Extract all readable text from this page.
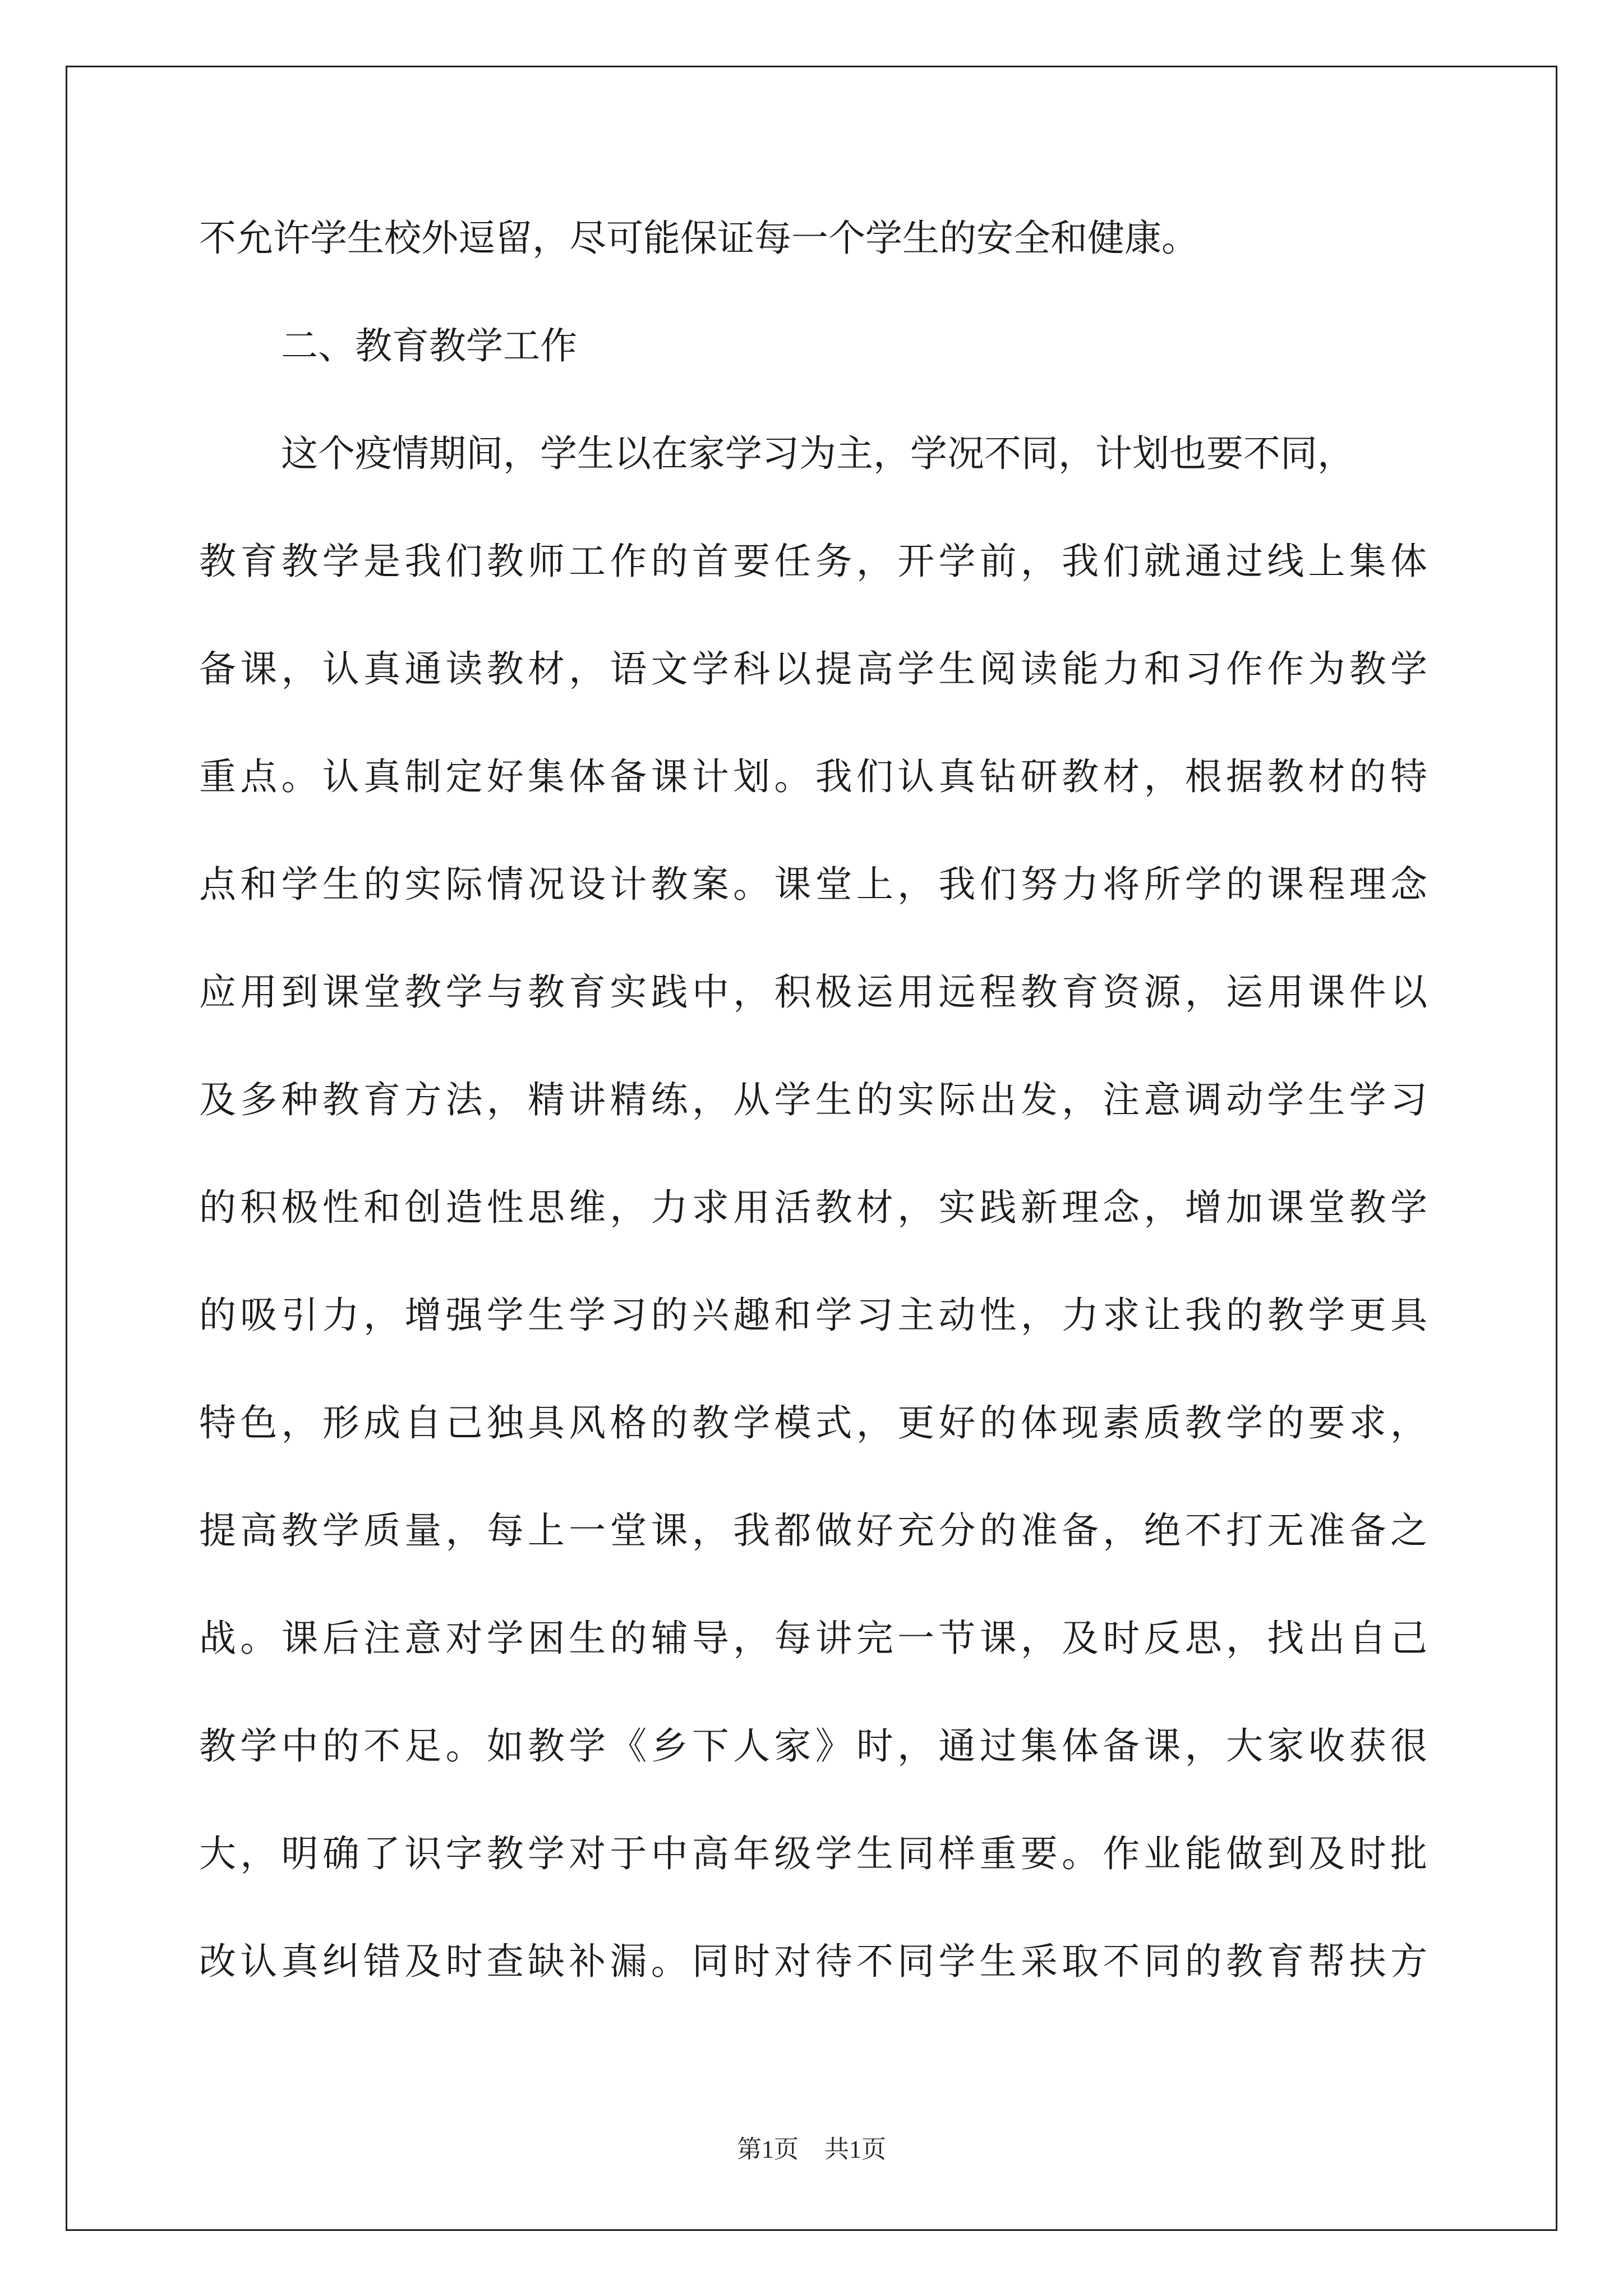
不允许学生校外逗留，尽可能保证每一个学生的安全和健康。
二、教育教学工作
这个疫情期间，学生以在家学习为主，学况不同，计划也要不同，
教育教学是我们教师工作的首要任务，开学前，我们就通过线上集体
备课，认真通读教材，语文学科以提高学生阅读能力和习作作为教学
重点。认真制定好集体备课计划。我们认真钻研教材，根据教材的特
点和学生的实际情况设计教案。课堂上，我们努力将所学的课程理念
应用到课堂教学与教育实践中，积极运用远程教育资源，运用课件以
及多种教育方法，精讲精练，从学生的实际出发，注意调动学生学习
的积极性和创造性思维，力求用活教材，实践新理念，增加课堂教学
的吸引力，增强学生学习的兴趣和学习主动性，力求让我的教学更具
特色，形成自己独具风格的教学模式，更好的体现素质教学的要求，
提高教学质量，每上一堂课，我都做好充分的准备，绝不打无准备之
战。课后注意对学困生的辅导，每讲完一节课，及时反思，找出自己
教学中的不足。如教学《乡下人家》时，通过集体备课，大家收获很
大，明确了识字教学对于中高年级学生同样重要。作业能做到及时批
改认真纠错及时查缺补漏。同时对待不同学生采取不同的教育帮扶方
第1页 共1页
